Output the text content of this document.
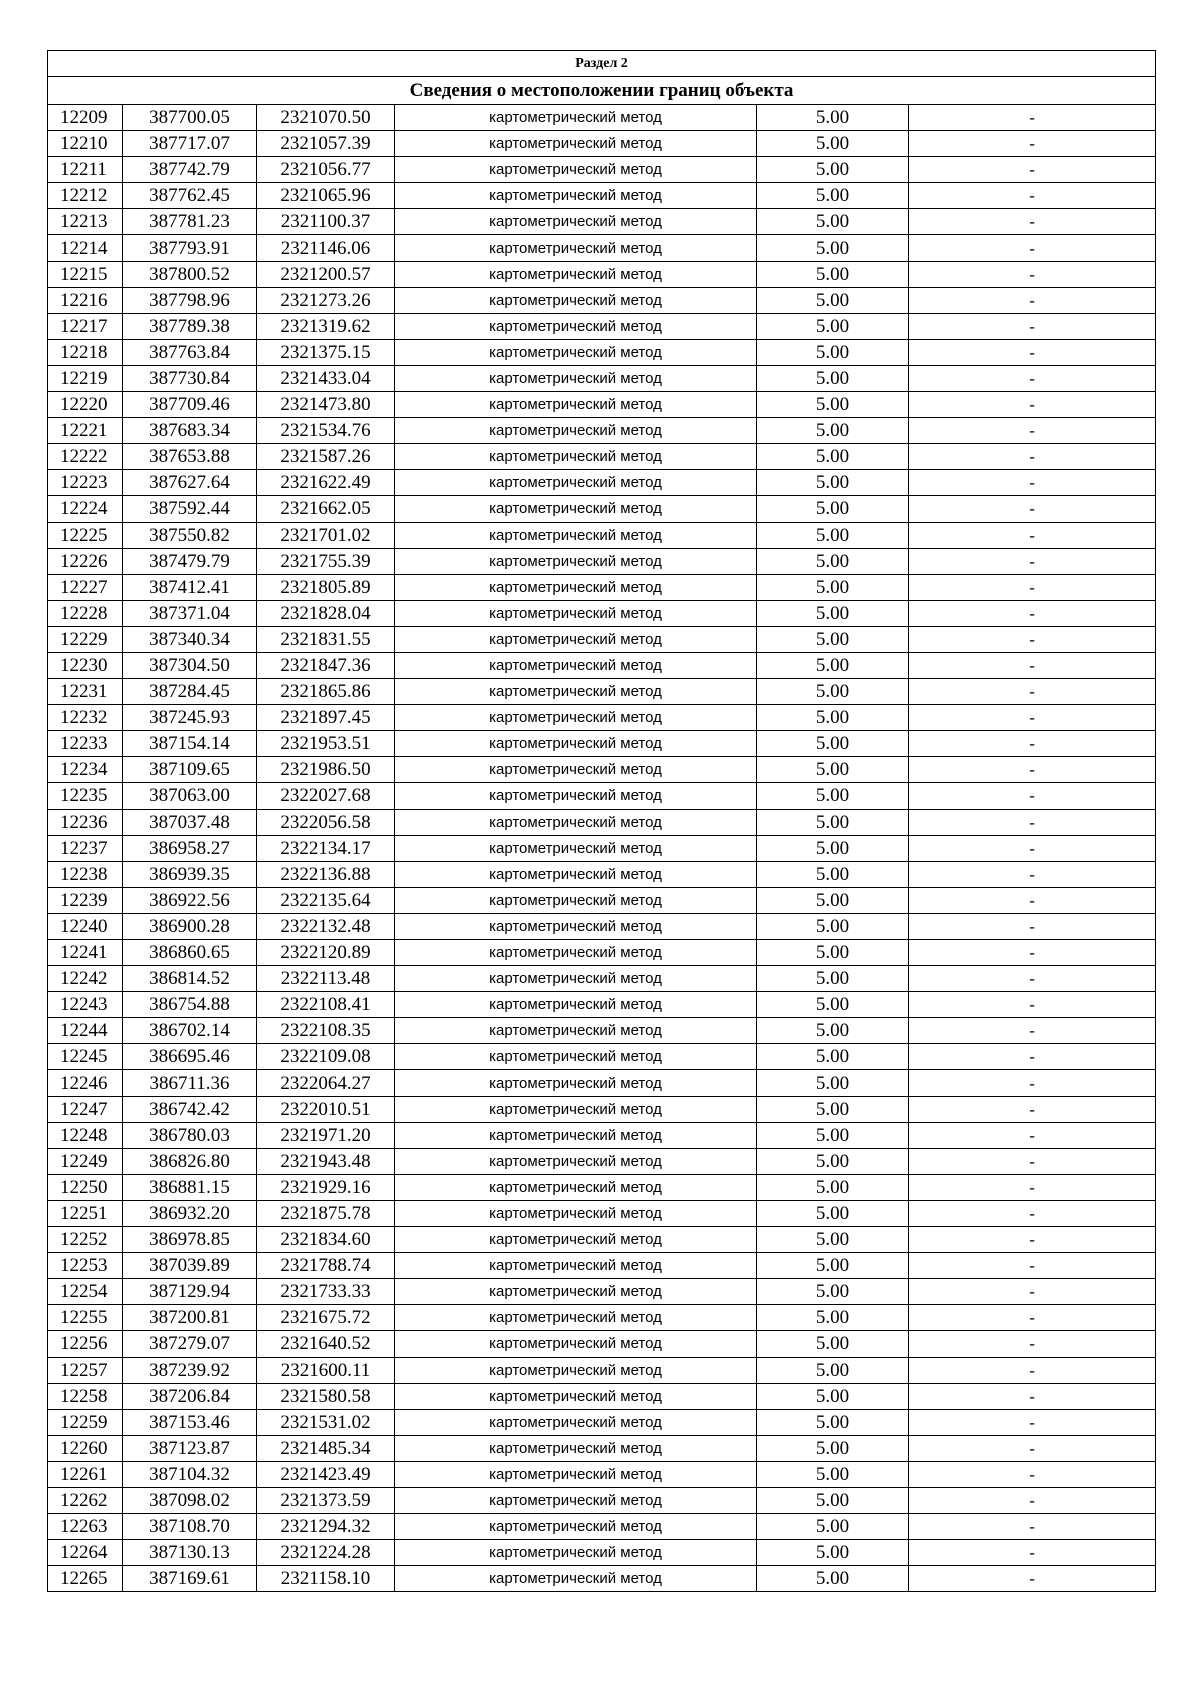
Раздел 2					
Сведения о местоположении границ объекта					
12209	387700.05	2321070.50	картометрический метод	5.00	-
12210	387717.07	2321057.39	картометрический метод	5.00	-
12211	387742.79	2321056.77	картометрический метод	5.00	-
12212	387762.45	2321065.96	картометрический метод	5.00	-
12213	387781.23	2321100.37	картометрический метод	5.00	-
12214	387793.91	2321146.06	картометрический метод	5.00	-
12215	387800.52	2321200.57	картометрический метод	5.00	-
12216	387798.96	2321273.26	картометрический метод	5.00	-
12217	387789.38	2321319.62	картометрический метод	5.00	-
12218	387763.84	2321375.15	картометрический метод	5.00	-
12219	387730.84	2321433.04	картометрический метод	5.00	-
12220	387709.46	2321473.80	картометрический метод	5.00	-
12221	387683.34	2321534.76	картометрический метод	5.00	-
12222	387653.88	2321587.26	картометрический метод	5.00	-
12223	387627.64	2321622.49	картометрический метод	5.00	-
12224	387592.44	2321662.05	картометрический метод	5.00	-
12225	387550.82	2321701.02	картометрический метод	5.00	-
12226	387479.79	2321755.39	картометрический метод	5.00	-
12227	387412.41	2321805.89	картометрический метод	5.00	-
12228	387371.04	2321828.04	картометрический метод	5.00	-
12229	387340.34	2321831.55	картометрический метод	5.00	-
12230	387304.50	2321847.36	картометрический метод	5.00	-
12231	387284.45	2321865.86	картометрический метод	5.00	-
12232	387245.93	2321897.45	картометрический метод	5.00	-
12233	387154.14	2321953.51	картометрический метод	5.00	-
12234	387109.65	2321986.50	картометрический метод	5.00	-
12235	387063.00	2322027.68	картометрический метод	5.00	-
12236	387037.48	2322056.58	картометрический метод	5.00	-
12237	386958.27	2322134.17	картометрический метод	5.00	-
12238	386939.35	2322136.88	картометрический метод	5.00	-
12239	386922.56	2322135.64	картометрический метод	5.00	-
12240	386900.28	2322132.48	картометрический метод	5.00	-
12241	386860.65	2322120.89	картометрический метод	5.00	-
12242	386814.52	2322113.48	картометрический метод	5.00	-
12243	386754.88	2322108.41	картометрический метод	5.00	-
12244	386702.14	2322108.35	картометрический метод	5.00	-
12245	386695.46	2322109.08	картометрический метод	5.00	-
12246	386711.36	2322064.27	картометрический метод	5.00	-
12247	386742.42	2322010.51	картометрический метод	5.00	-
12248	386780.03	2321971.20	картометрический метод	5.00	-
12249	386826.80	2321943.48	картометрический метод	5.00	-
12250	386881.15	2321929.16	картометрический метод	5.00	-
12251	386932.20	2321875.78	картометрический метод	5.00	-
12252	386978.85	2321834.60	картометрический метод	5.00	-
12253	387039.89	2321788.74	картометрический метод	5.00	-
12254	387129.94	2321733.33	картометрический метод	5.00	-
12255	387200.81	2321675.72	картометрический метод	5.00	-
12256	387279.07	2321640.52	картометрический метод	5.00	-
12257	387239.92	2321600.11	картометрический метод	5.00	-
12258	387206.84	2321580.58	картометрический метод	5.00	-
12259	387153.46	2321531.02	картометрический метод	5.00	-
12260	387123.87	2321485.34	картометрический метод	5.00	-
12261	387104.32	2321423.49	картометрический метод	5.00	-
12262	387098.02	2321373.59	картометрический метод	5.00	-
12263	387108.70	2321294.32	картометрический метод	5.00	-
12264	387130.13	2321224.28	картометрический метод	5.00	-
12265	387169.61	2321158.10	картометрический метод	5.00	-
